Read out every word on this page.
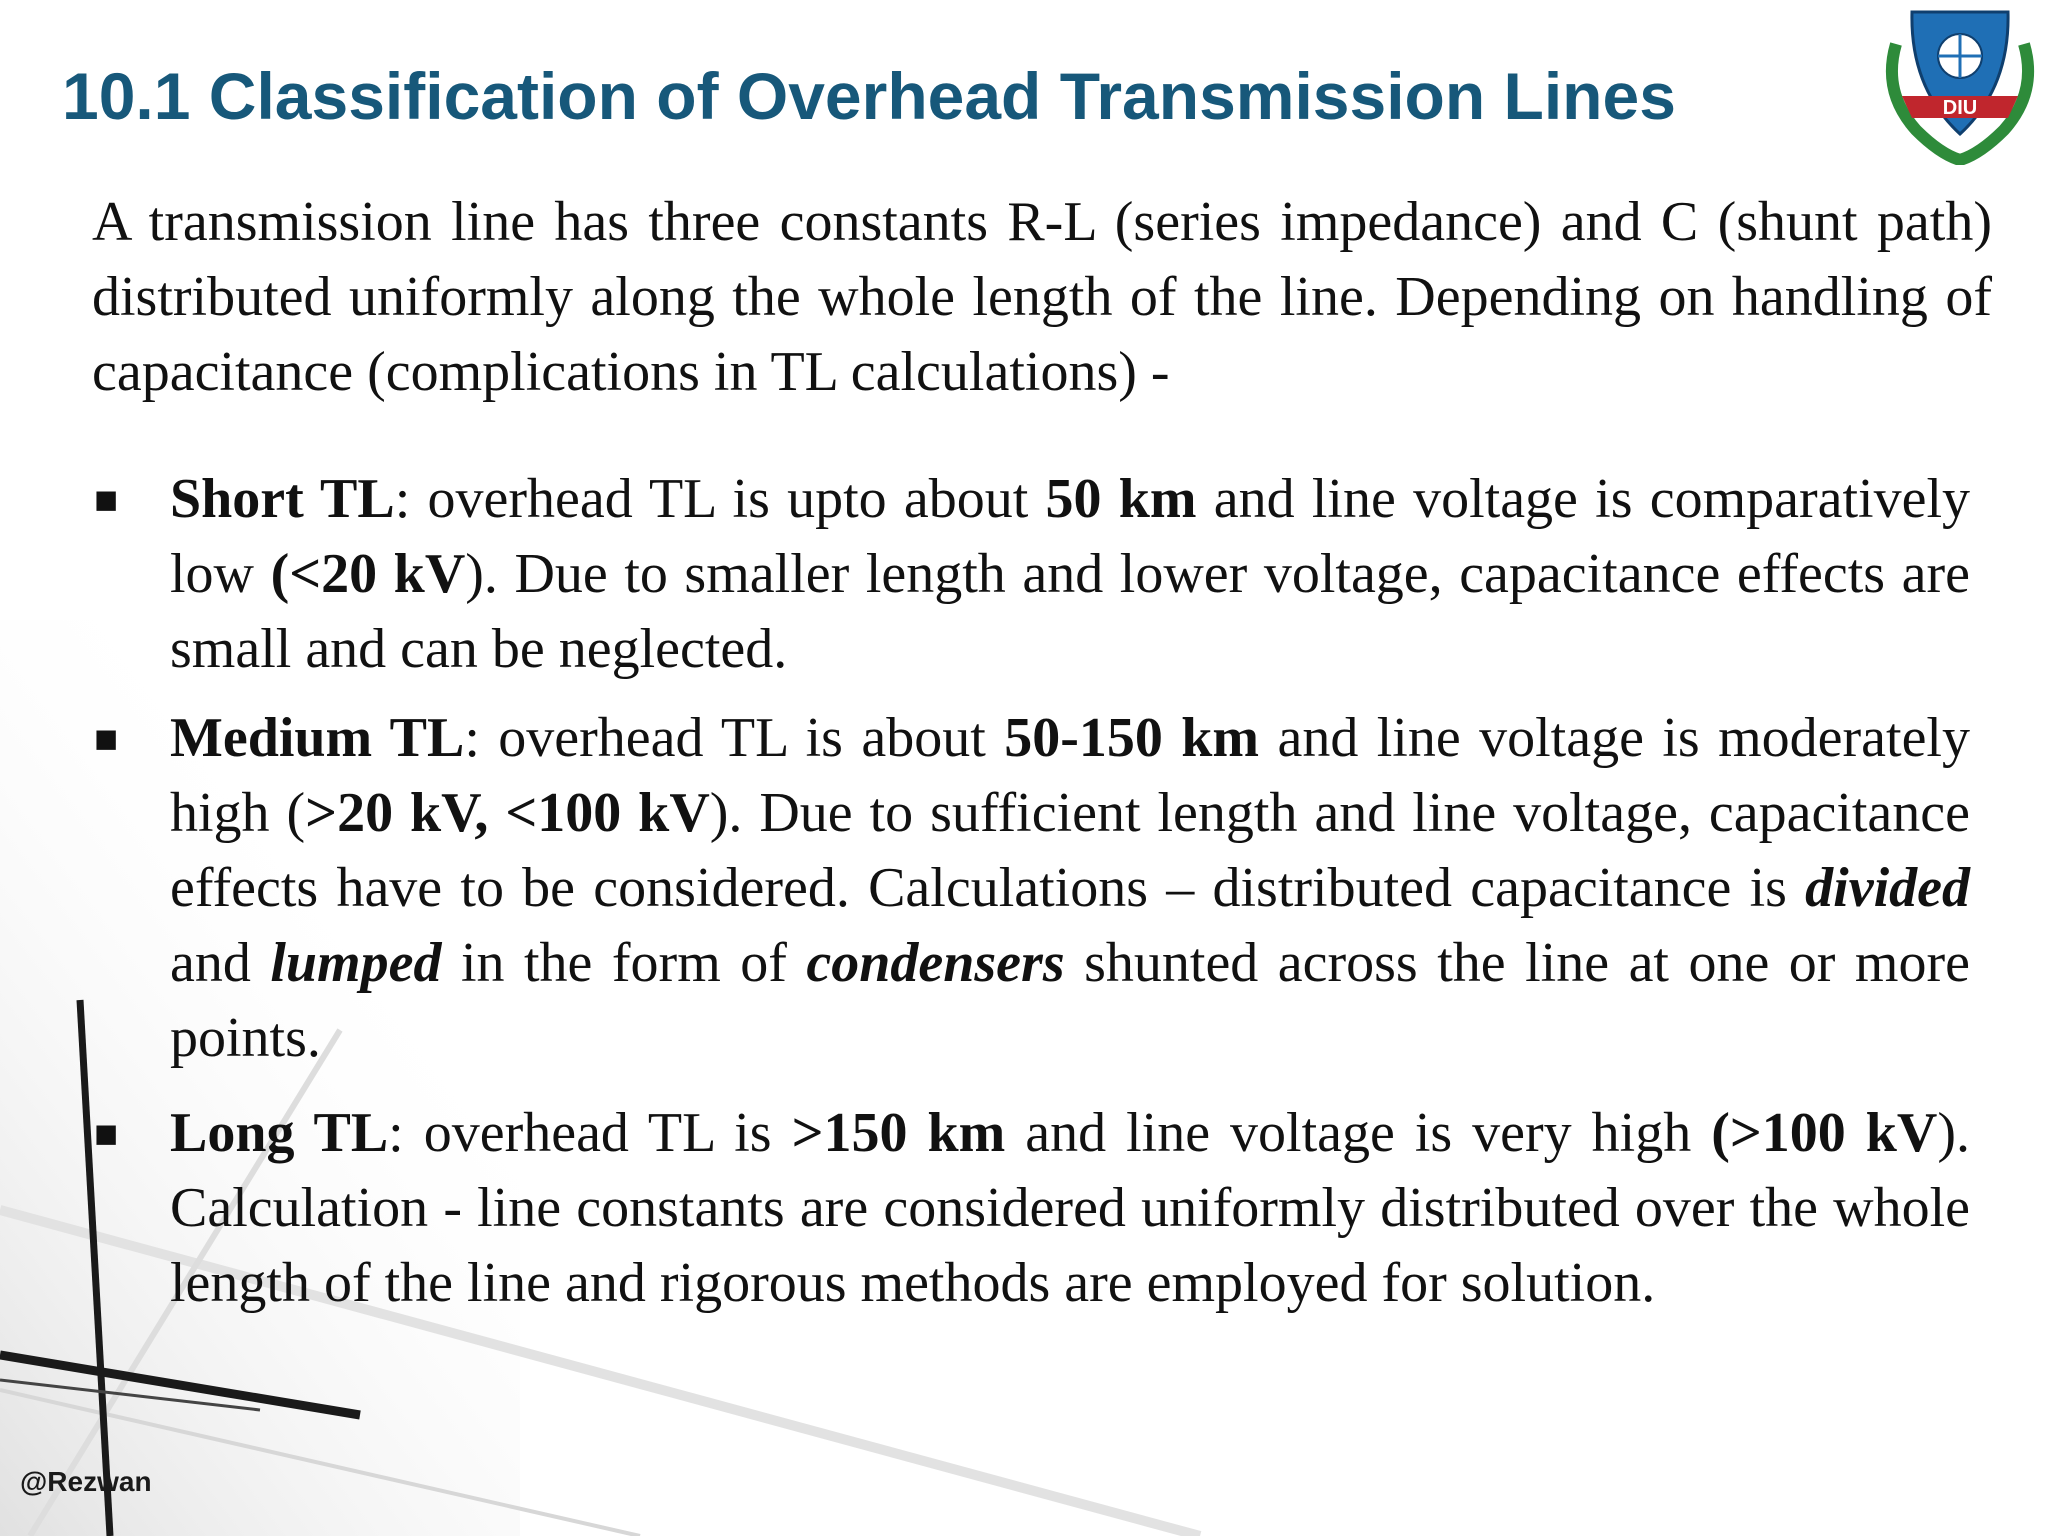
10.1 Classification of Overhead Transmission Lines	DIU

A transmission line has three constants R-L (series impedance) and C (shunt path) distributed uniformly along the whole length of the line. Depending on handling of capacitance (complications in TL calculations) -

■ Short TL: overhead TL is upto about 50 km and line voltage is comparatively low (<20 kV). Due to smaller length and lower voltage, capacitance effects are small and can be neglected.
■ Medium TL: overhead TL is about 50-150 km and line voltage is moderately high (>20 kV, <100 kV). Due to sufficient length and line voltage, capacitance effects have to be considered. Calculations – distributed capacitance is divided and lumped in the form of condensers shunted across the line at one or more points.
■ Long TL: overhead TL is >150 km and line voltage is very high (>100 kV). Calculation - line constants are considered uniformly distributed over the whole length of the line and rigorous methods are employed for solution.
@Rezwan
